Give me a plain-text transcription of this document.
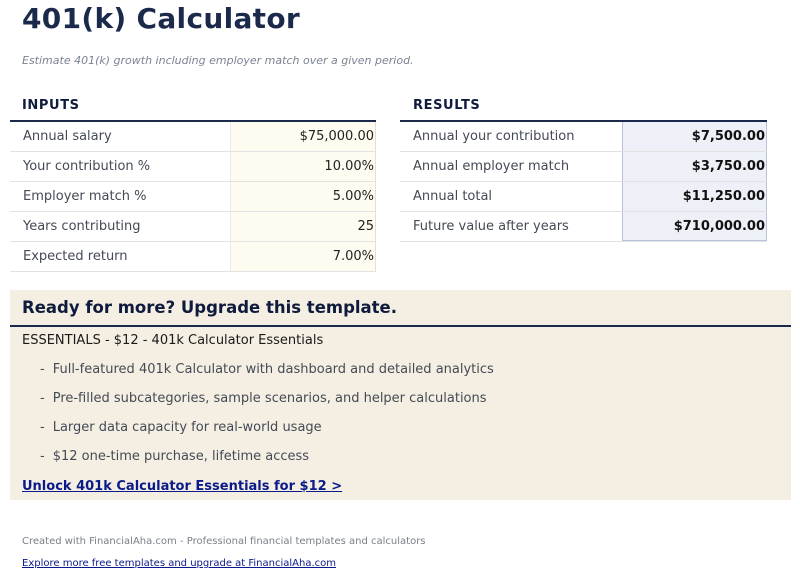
401(k) Calculator
Estimate 401(k) growth including employer match over a given period.
INPUTS
Annual salary	$75,000.00
Your contribution %	10.00%
Employer match %	5.00%
Years contributing	25
Expected return	7.00%
RESULTS
Annual your contribution	$7,500.00
Annual employer match	$3,750.00
Annual total	$11,250.00
Future value after years	$710,000.00
Ready for more? Upgrade this template.
ESSENTIALS - $12 - 401k Calculator Essentials
- Full-featured 401k Calculator with dashboard and detailed analytics
- Pre-filled subcategories, sample scenarios, and helper calculations
- Larger data capacity for real-world usage
- $12 one-time purchase, lifetime access
Unlock 401k Calculator Essentials for $12 >
Created with FinancialAha.com - Professional financial templates and calculators
Explore more free templates and upgrade at FinancialAha.com
